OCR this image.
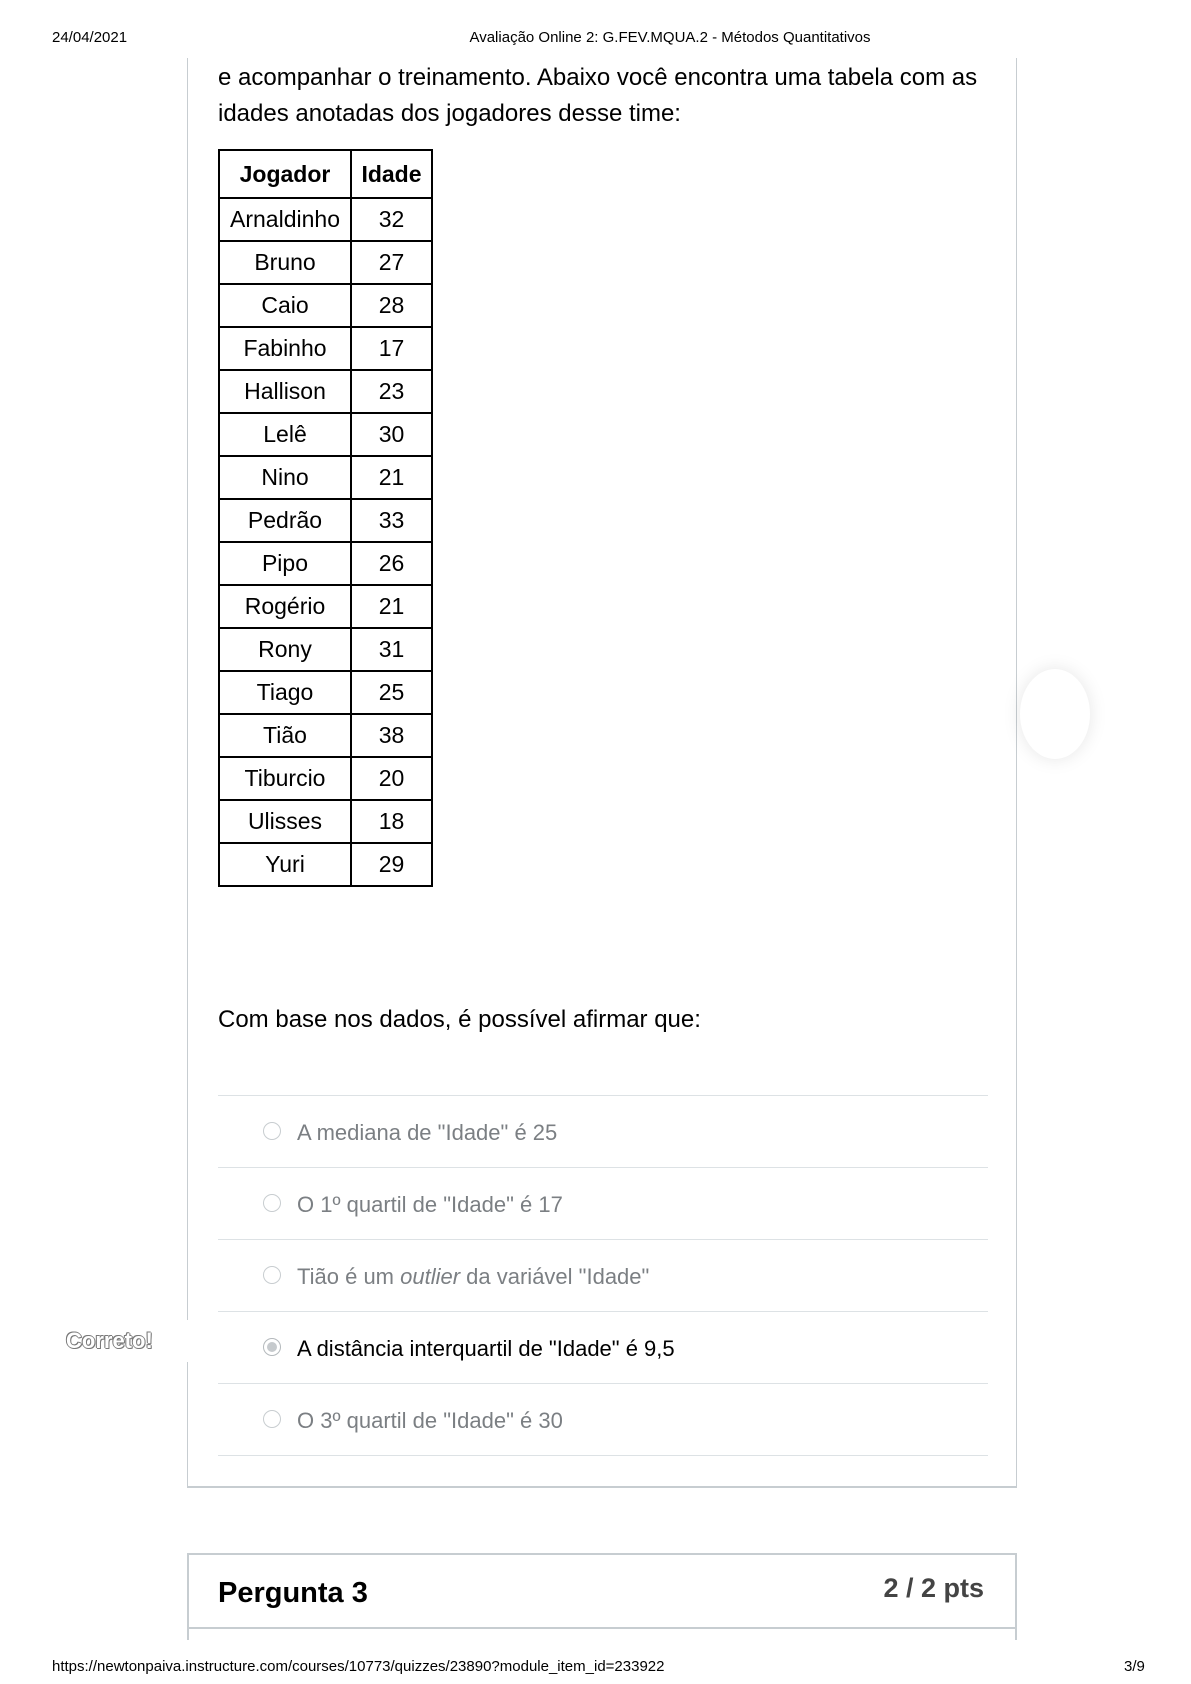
24/04/2021	Avaliação Online 2: G.FEV.MQUA.2 - Métodos Quantitativos
e acompanhar o treinamento. Abaixo você encontra uma tabela com as idades anotadas dos jogadores desse time:
Jogador	Idade
Arnaldinho	32
Bruno	27
Caio	28
Fabinho	17
Hallison	23
Lelê	30
Nino	21
Pedrão	33
Pipo	26
Rogério	21
Rony	31
Tiago	25
Tião	38
Tiburcio	20
Ulisses	18
Yuri	29
Com base nos dados, é possível afirmar que:
A mediana de "Idade" é 25
O 1º quartil de "Idade" é 17
Tião é um outlier da variável "Idade"
A distância interquartil de "Idade" é 9,5
O 3º quartil de "Idade" é 30
Correto!
Pergunta 3	2 / 2 pts
https://newtonpaiva.instructure.com/courses/10773/quizzes/23890?module_item_id=233922	3/9
